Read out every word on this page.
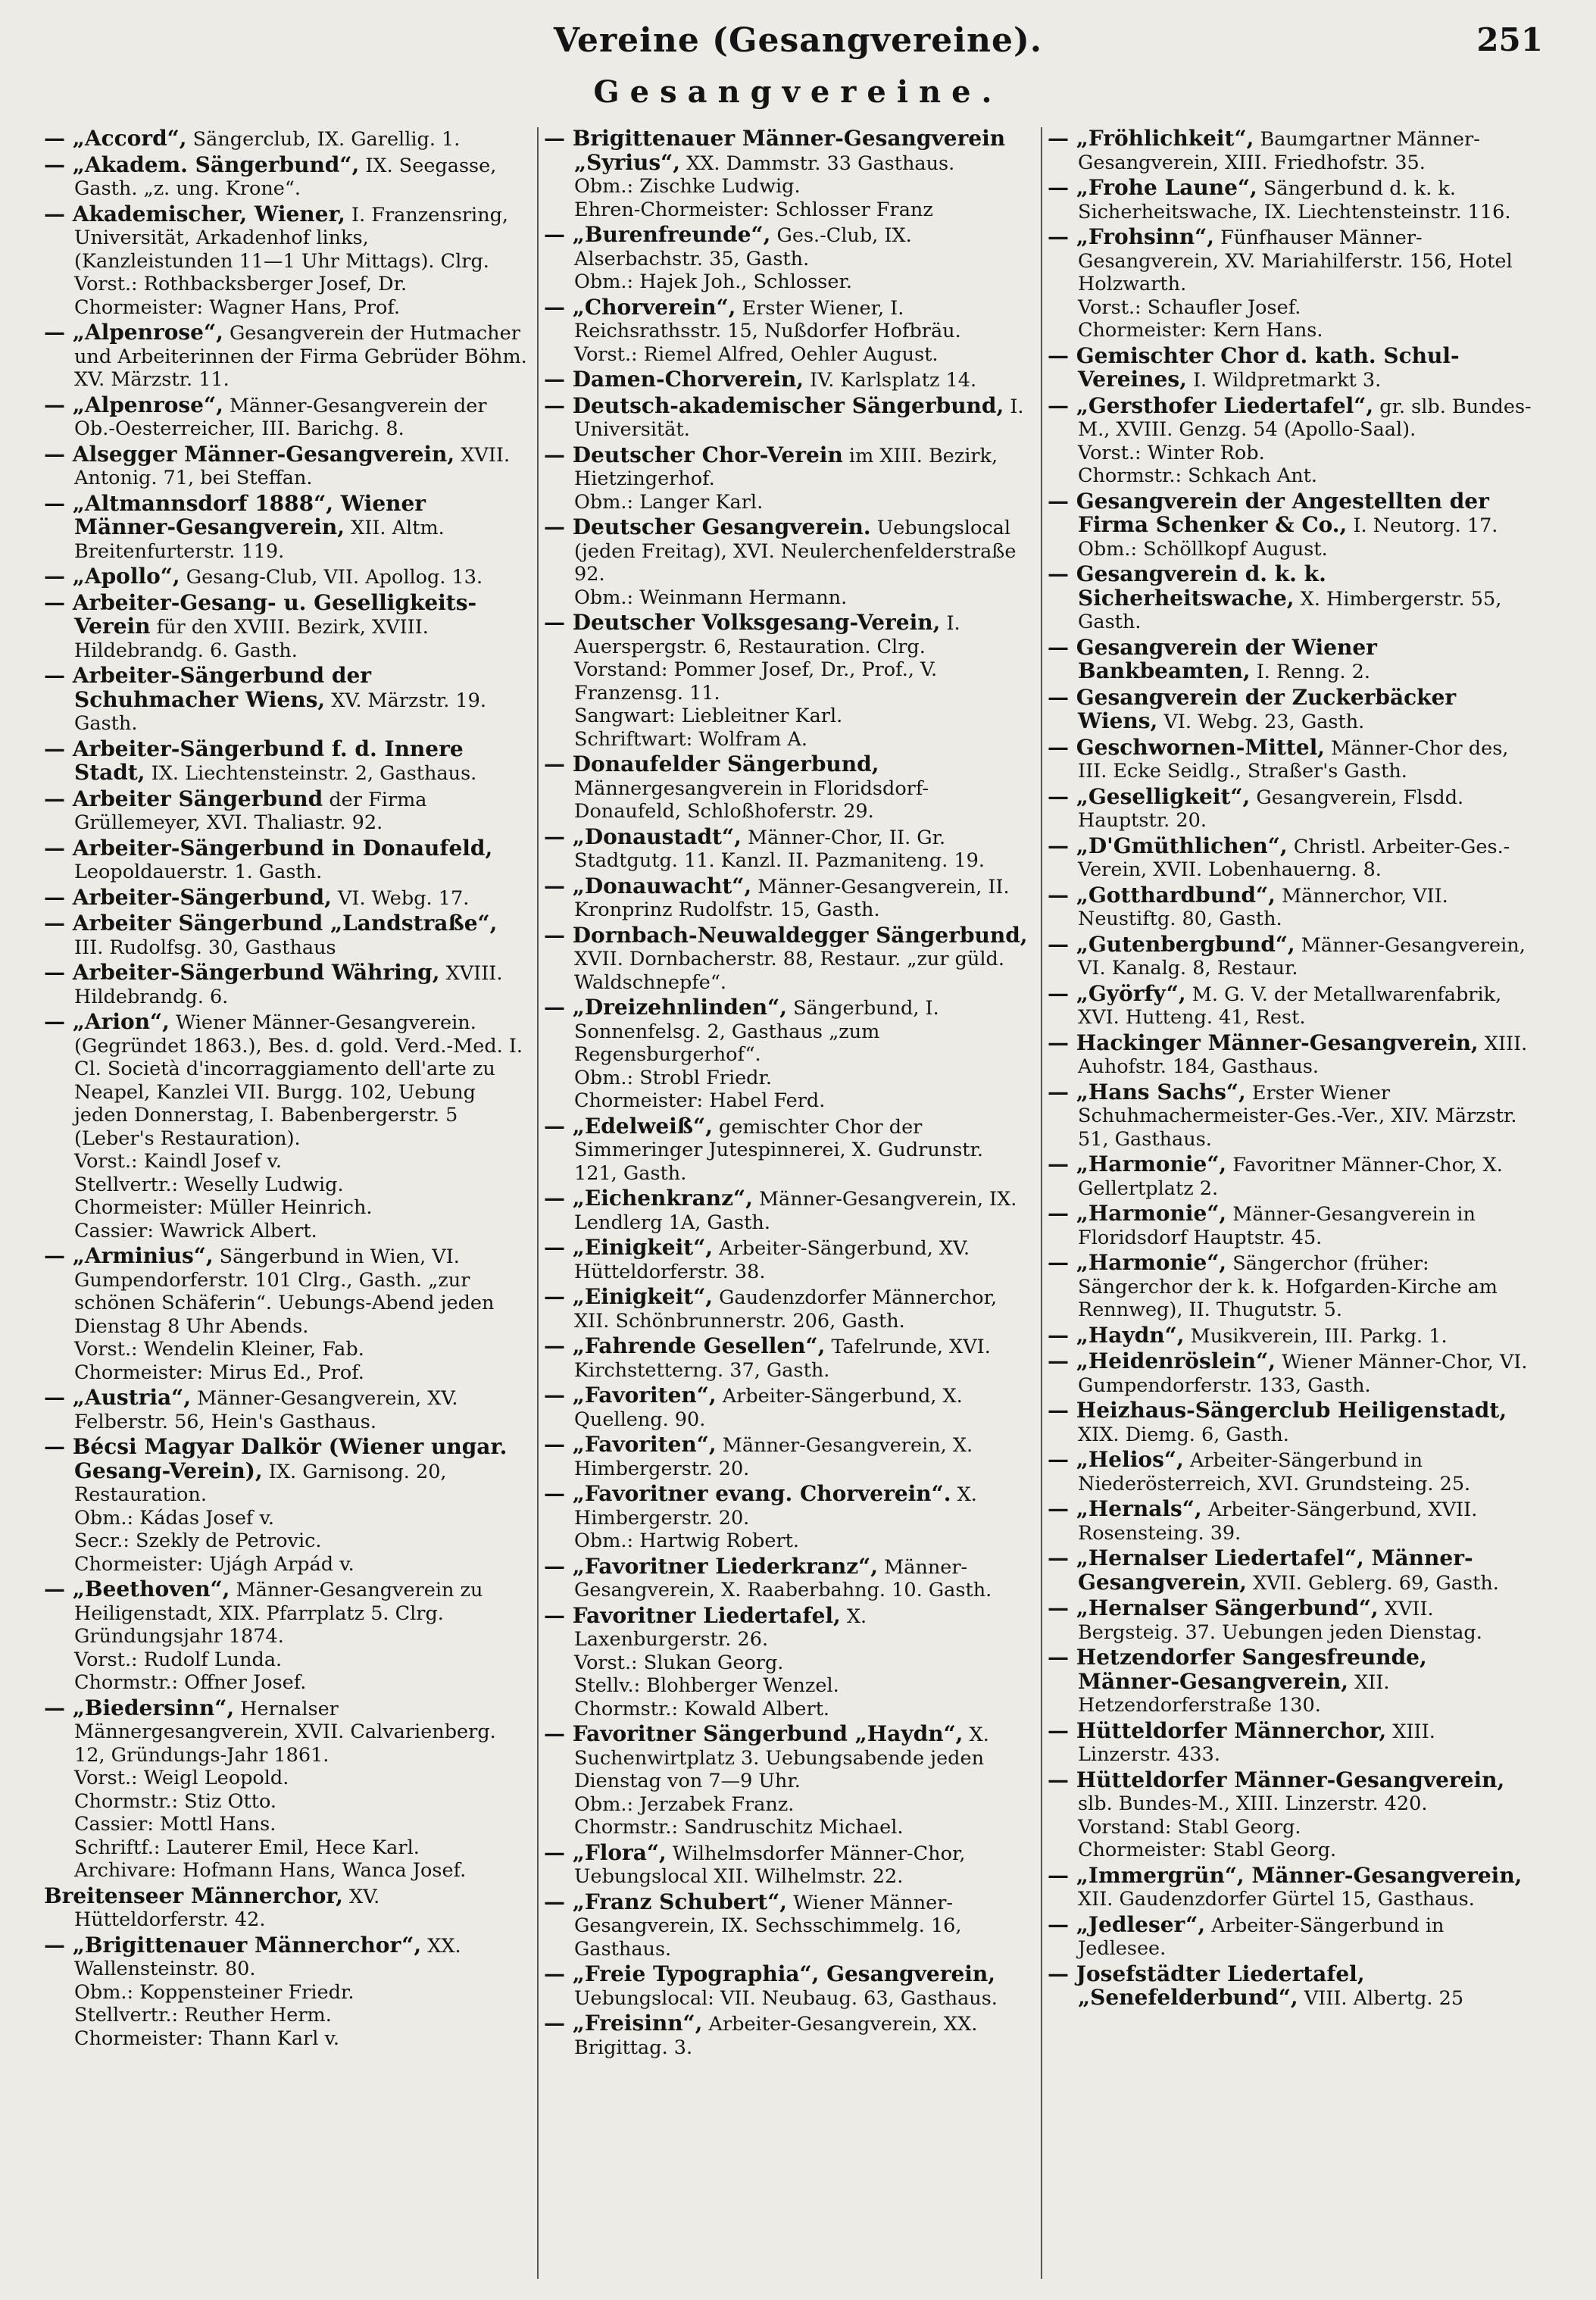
Vereine (Gesangvereine).	251
Gesangvereine.
— „Accord“, Sängerclub, IX. Garellig. 1.
— „Akadem. Sängerbund“, IX. Seegasse, Gasth. „z. ung. Krone“.
— Akademischer, Wiener, I. Franzensring, Universität, Arkadenhof links, (Kanzleistunden 11—1 Uhr Mittags). Clrg.
Vorst.: Rothbacksberger Josef, Dr.
Chormeister: Wagner Hans, Prof.
— „Alpenrose“, Gesangverein der Hutmacher und Arbeiterinnen der Firma Gebrüder Böhm. XV. Märzstr. 11.
— „Alpenrose“, Männer-Gesangverein der Ob.-Oesterreicher, III. Barichg. 8.
— Alsegger Männer-Gesangverein, XVII. Antonig. 71, bei Steffan.
— „Altmannsdorf 1888“, Wiener Männer-Gesangverein, XII. Altm. Breitenfurterstr. 119.
— „Apollo“, Gesang-Club, VII. Apollog. 13.
— Arbeiter-Gesang- u. Geselligkeits-Verein für den XVIII. Bezirk, XVIII. Hildebrandg. 6. Gasth.
— Arbeiter-Sängerbund der Schuhmacher Wiens, XV. Märzstr. 19. Gasth.
— Arbeiter-Sängerbund f. d. Innere Stadt, IX. Liechtensteinstr. 2, Gasthaus.
— Arbeiter Sängerbund der Firma Grüllemeyer, XVI. Thaliastr. 92.
— Arbeiter-Sängerbund in Donaufeld, Leopoldauerstr. 1. Gasth.
— Arbeiter-Sängerbund, VI. Webg. 17.
— Arbeiter Sängerbund „Landstraße“, III. Rudolfsg. 30, Gasthaus
— Arbeiter-Sängerbund Währing, XVIII. Hildebrandg. 6.
— „Arion“, Wiener Männer-Gesangverein. (Gegründet 1863.), Bes. d. gold. Verd.-Med. I. Cl. Società d'incorraggiamento dell'arte zu Neapel, Kanzlei VII. Burgg. 102, Uebung jeden Donnerstag, I. Babenbergerstr. 5 (Leber's Restauration).
Vorst.: Kaindl Josef v.
Stellvertr.: Weselly Ludwig.
Chormeister: Müller Heinrich.
Cassier: Wawrick Albert.
— „Arminius“, Sängerbund in Wien, VI. Gumpendorferstr. 101 Clrg., Gasth. „zur schönen Schäferin“. Uebungs-Abend jeden Dienstag 8 Uhr Abends.
Vorst.: Wendelin Kleiner, Fab.
Chormeister: Mirus Ed., Prof.
— „Austria“, Männer-Gesangverein, XV. Felberstr. 56, Hein's Gasthaus.
— Bécsi Magyar Dalkör (Wiener ungar. Gesang-Verein), IX. Garnisong. 20, Restauration.
Obm.: Kádas Josef v.
Secr.: Szekly de Petrovic.
Chormeister: Ujágh Arpád v.
— „Beethoven“, Männer-Gesangverein zu Heiligenstadt, XIX. Pfarrplatz 5. Clrg. Gründungsjahr 1874.
Vorst.: Rudolf Lunda.
Chormstr.: Offner Josef.
— „Biedersinn“, Hernalser Männergesangverein, XVII. Calvarienberg. 12, Gründungs-Jahr 1861.
Vorst.: Weigl Leopold.
Chormstr.: Stiz Otto.
Cassier: Mottl Hans.
Schriftf.: Lauterer Emil, Hece Karl.
Archivare: Hofmann Hans, Wanca Josef.
Breitenseer Männerchor, XV. Hütteldorferstr. 42.
— „Brigittenauer Männerchor“, XX. Wallensteinstr. 80.
Obm.: Koppensteiner Friedr.
Stellvertr.: Reuther Herm.
Chormeister: Thann Karl v.
— Brigittenauer Männer-Gesangverein „Syrius“, XX. Dammstr. 33 Gasthaus.
Obm.: Zischke Ludwig.
Ehren-Chormeister: Schlosser Franz
— „Burenfreunde“, Ges.-Club, IX. Alserbachstr. 35, Gasth.
Obm.: Hajek Joh., Schlosser.
— „Chorverein“, Erster Wiener, I. Reichsrathsstr. 15, Nußdorfer Hofbräu.
Vorst.: Riemel Alfred, Oehler August.
— Damen-Chorverein, IV. Karlsplatz 14.
— Deutsch-akademischer Sängerbund, I. Universität.
— Deutscher Chor-Verein im XIII. Bezirk, Hietzingerhof.
Obm.: Langer Karl.
— Deutscher Gesangverein. Uebungslocal (jeden Freitag), XVI. Neulerchenfelderstraße 92.
Obm.: Weinmann Hermann.
— Deutscher Volksgesang-Verein, I. Auerspergstr. 6, Restauration. Clrg.
Vorstand: Pommer Josef, Dr., Prof., V. Franzensg. 11.
Sangwart: Liebleitner Karl.
Schriftwart: Wolfram A.
— Donaufelder Sängerbund, Männergesangverein in Floridsdorf-Donaufeld, Schloßhoferstr. 29.
— „Donaustadt“, Männer-Chor, II. Gr. Stadtgutg. 11. Kanzl. II. Pazmaniteng. 19.
— „Donauwacht“, Männer-Gesangverein, II. Kronprinz Rudolfstr. 15, Gasth.
— Dornbach-Neuwaldegger Sängerbund, XVII. Dornbacherstr. 88, Restaur. „zur güld. Waldschnepfe“.
— „Dreizehnlinden“, Sängerbund, I. Sonnenfelsg. 2, Gasthaus „zum Regensburgerhof“.
Obm.: Strobl Friedr.
Chormeister: Habel Ferd.
— „Edelweiß“, gemischter Chor der Simmeringer Jutespinnerei, X. Gudrunstr. 121, Gasth.
— „Eichenkranz“, Männer-Gesangverein, IX. Lendlerg 1A, Gasth.
— „Einigkeit“, Arbeiter-Sängerbund, XV. Hütteldorferstr. 38.
— „Einigkeit“, Gaudenzdorfer Männerchor, XII. Schönbrunnerstr. 206, Gasth.
— „Fahrende Gesellen“, Tafelrunde, XVI. Kirchstetterng. 37, Gasth.
— „Favoriten“, Arbeiter-Sängerbund, X. Quelleng. 90.
— „Favoriten“, Männer-Gesangverein, X. Himbergerstr. 20.
— „Favoritner evang. Chorverein“. X. Himbergerstr. 20.
Obm.: Hartwig Robert.
— „Favoritner Liederkranz“, Männer-Gesangverein, X. Raaberbahng. 10. Gasth.
— Favoritner Liedertafel, X. Laxenburgerstr. 26.
Vorst.: Slukan Georg.
Stellv.: Blohberger Wenzel.
Chormstr.: Kowald Albert.
— Favoritner Sängerbund „Haydn“, X. Suchenwirtplatz 3. Uebungsabende jeden Dienstag von 7—9 Uhr.
Obm.: Jerzabek Franz.
Chormstr.: Sandruschitz Michael.
— „Flora“, Wilhelmsdorfer Männer-Chor, Uebungslocal XII. Wilhelmstr. 22.
— „Franz Schubert“, Wiener Männer-Gesangverein, IX. Sechsschimmelg. 16, Gasthaus.
— „Freie Typographia“, Gesangverein, Uebungslocal: VII. Neubaug. 63, Gasthaus.
— „Freisinn“, Arbeiter-Gesangverein, XX. Brigittag. 3.
— „Fröhlichkeit“, Baumgartner Männer-Gesangverein, XIII. Friedhofstr. 35.
— „Frohe Laune“, Sängerbund d. k. k. Sicherheitswache, IX. Liechtensteinstr. 116.
— „Frohsinn“, Fünfhauser Männer-Gesangverein, XV. Mariahilferstr. 156, Hotel Holzwarth.
Vorst.: Schaufler Josef.
Chormeister: Kern Hans.
— Gemischter Chor d. kath. Schul-Vereines, I. Wildpretmarkt 3.
— „Gersthofer Liedertafel“, gr. slb. Bundes-M., XVIII. Genzg. 54 (Apollo-Saal).
Vorst.: Winter Rob.
Chormstr.: Schkach Ant.
— Gesangverein der Angestellten der Firma Schenker & Co., I. Neutorg. 17.
Obm.: Schöllkopf August.
— Gesangverein d. k. k. Sicherheitswache, X. Himbergerstr. 55, Gasth.
— Gesangverein der Wiener Bankbeamten, I. Renng. 2.
— Gesangverein der Zuckerbäcker Wiens, VI. Webg. 23, Gasth.
— Geschwornen-Mittel, Männer-Chor des, III. Ecke Seidlg., Straßer's Gasth.
— „Geselligkeit“, Gesangverein, Flsdd. Hauptstr. 20.
— „D'Gmüthlichen“, Christl. Arbeiter-Ges.-Verein, XVII. Lobenhauerng. 8.
— „Gotthardbund“, Männerchor, VII. Neustiftg. 80, Gasth.
— „Gutenbergbund“, Männer-Gesangverein, VI. Kanalg. 8, Restaur.
— „Györfy“, M. G. V. der Metallwarenfabrik, XVI. Hutteng. 41, Rest.
— Hackinger Männer-Gesangverein, XIII. Auhofstr. 184, Gasthaus.
— „Hans Sachs“, Erster Wiener Schuhmachermeister-Ges.-Ver., XIV. Märzstr. 51, Gasthaus.
— „Harmonie“, Favoritner Männer-Chor, X. Gellertplatz 2.
— „Harmonie“, Männer-Gesangverein in Floridsdorf Hauptstr. 45.
— „Harmonie“, Sängerchor (früher: Sängerchor der k. k. Hofgarden-Kirche am Rennweg), II. Thugutstr. 5.
— „Haydn“, Musikverein, III. Parkg. 1.
— „Heidenröslein“, Wiener Männer-Chor, VI. Gumpendorferstr. 133, Gasth.
— Heizhaus-Sängerclub Heiligenstadt, XIX. Diemg. 6, Gasth.
— „Helios“, Arbeiter-Sängerbund in Niederösterreich, XVI. Grundsteing. 25.
— „Hernals“, Arbeiter-Sängerbund, XVII. Rosensteing. 39.
— „Hernalser Liedertafel“, Männer-Gesangverein, XVII. Geblerg. 69, Gasth.
— „Hernalser Sängerbund“, XVII. Bergsteig. 37. Uebungen jeden Dienstag.
— Hetzendorfer Sangesfreunde, Männer-Gesangverein, XII. Hetzendorferstraße 130.
— Hütteldorfer Männerchor, XIII. Linzerstr. 433.
— Hütteldorfer Männer-Gesangverein, slb. Bundes-M., XIII. Linzerstr. 420.
Vorstand: Stabl Georg.
Chormeister: Stabl Georg.
— „Immergrün“, Männer-Gesangverein, XII. Gaudenzdorfer Gürtel 15, Gasthaus.
— „Jedleser“, Arbeiter-Sängerbund in Jedlesee.
— Josefstädter Liedertafel, „Senefelderbund“, VIII. Albertg. 25
